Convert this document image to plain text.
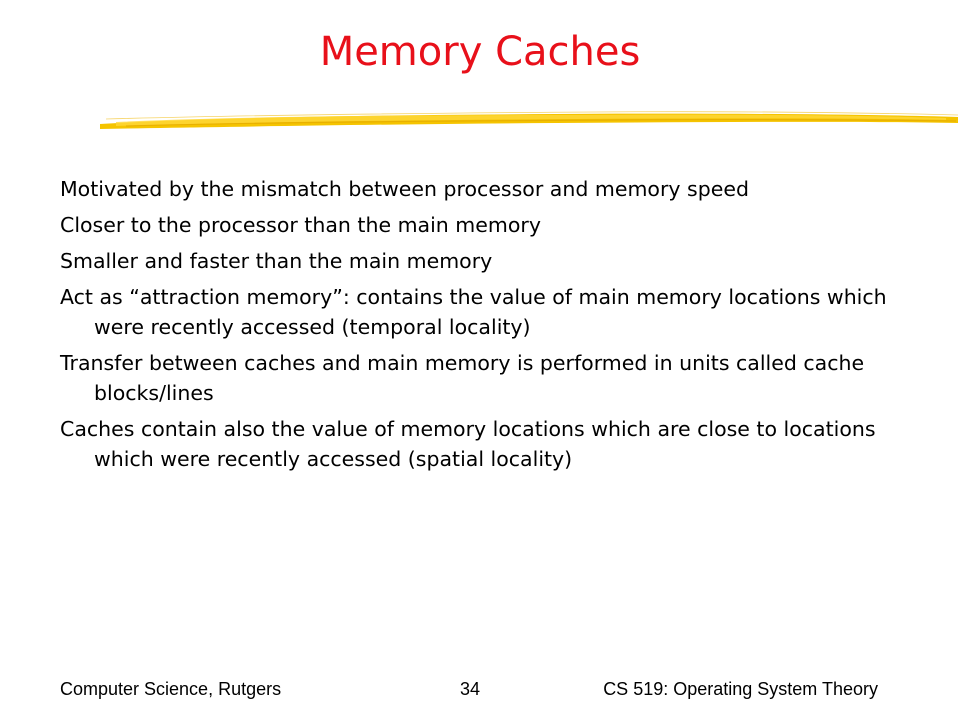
Memory Caches
Motivated by the mismatch between processor and memory speed
Closer to the processor than the main memory
Smaller and faster than the main memory
Act as “attraction memory”: contains the value of main memory locations which were recently accessed (temporal locality)
Transfer between caches and main memory is performed in units called cache blocks/lines
Caches contain also the value of memory locations which are close to locations which were recently accessed (spatial locality)
Computer Science, Rutgers	34	CS 519: Operating System Theory
